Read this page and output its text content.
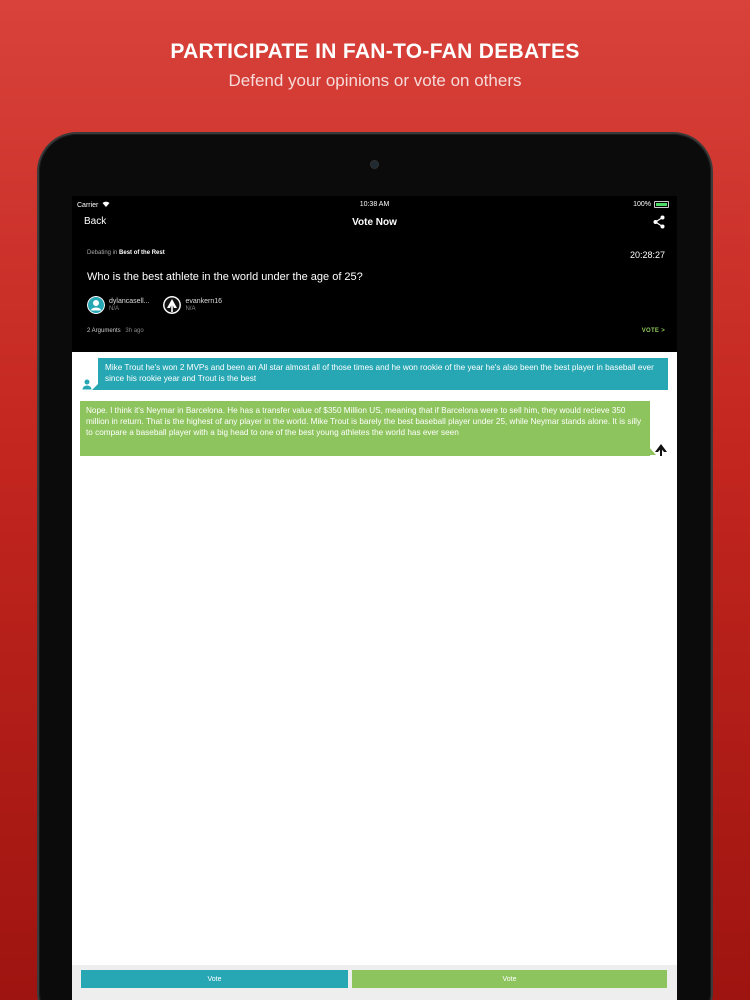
PARTICIPATE IN FAN-TO-FAN DEBATES
Defend your opinions or vote on others
Carrier	10:38 AM	100%
Back	Vote Now
Debating in Best of the Rest	20:28:27
Who is the best athlete in the world under the age of 25?
dylancasell...
N/A
evankern16
N/A
2 Arguments 3h ago	VOTE >
Mike Trout he's won 2 MVPs and been an All star almost all of those times and he won rookie of the year he's also been the best player in baseball ever since his rookie year and Trout is the best
Nope. I think it's Neymar in Barcelona. He has a transfer value of $350 Million US, meaning that if Barcelona were to sell him, they would recieve 350 million in return. That is the highest of any player in the world. Mike Trout is barely the best baseball player under 25, while Neymar stands alone. It is silly to compare a baseball player with a big head to one of the best young athletes the world has ever seen
Vote	Vote
